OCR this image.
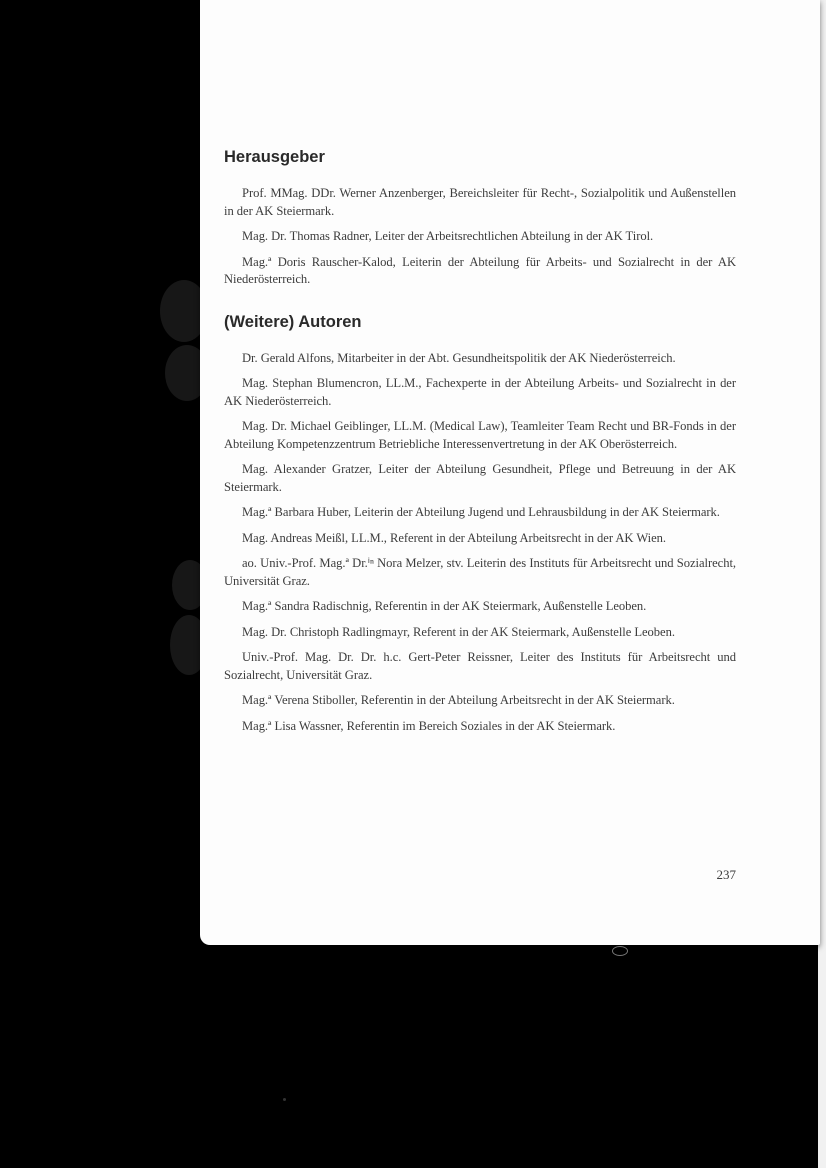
Herausgeber

Prof. MMag. DDr. Werner Anzenberger, Bereichsleiter für Recht-, Sozialpolitik und Außenstellen in der AK Steiermark.

Mag. Dr. Thomas Radner, Leiter der Arbeitsrechtlichen Abteilung in der AK Tirol.

Mag.ª Doris Rauscher-Kalod, Leiterin der Abteilung für Arbeits- und Sozialrecht in der AK Niederösterreich.

(Weitere) Autoren

Dr. Gerald Alfons, Mitarbeiter in der Abt. Gesundheitspolitik der AK Niederösterreich.

Mag. Stephan Blumencron, LL.M., Fachexperte in der Abteilung Arbeits- und Sozialrecht in der AK Niederösterreich.

Mag. Dr. Michael Geiblinger, LL.M. (Medical Law), Teamleiter Team Recht und BR-Fonds in der Abteilung Kompetenzzentrum Betriebliche Interessenvertretung in der AK Oberösterreich.

Mag. Alexander Gratzer, Leiter der Abteilung Gesundheit, Pflege und Betreuung in der AK Steiermark.

Mag.ª Barbara Huber, Leiterin der Abteilung Jugend und Lehrausbildung in der AK Steiermark.

Mag. Andreas Meißl, LL.M., Referent in der Abteilung Arbeitsrecht in der AK Wien.

ao. Univ.-Prof. Mag.ª Dr.ⁱⁿ Nora Melzer, stv. Leiterin des Instituts für Arbeitsrecht und Sozialrecht, Universität Graz.

Mag.ª Sandra Radischnig, Referentin in der AK Steiermark, Außenstelle Leoben.

Mag. Dr. Christoph Radlingmayr, Referent in der AK Steiermark, Außenstelle Leoben.

Univ.-Prof. Mag. Dr. Dr. h.c. Gert-Peter Reissner, Leiter des Instituts für Arbeitsrecht und Sozialrecht, Universität Graz.

Mag.ª Verena Stiboller, Referentin in der Abteilung Arbeitsrecht in der AK Steiermark.

Mag.ª Lisa Wassner, Referentin im Bereich Soziales in der AK Steiermark.

237
